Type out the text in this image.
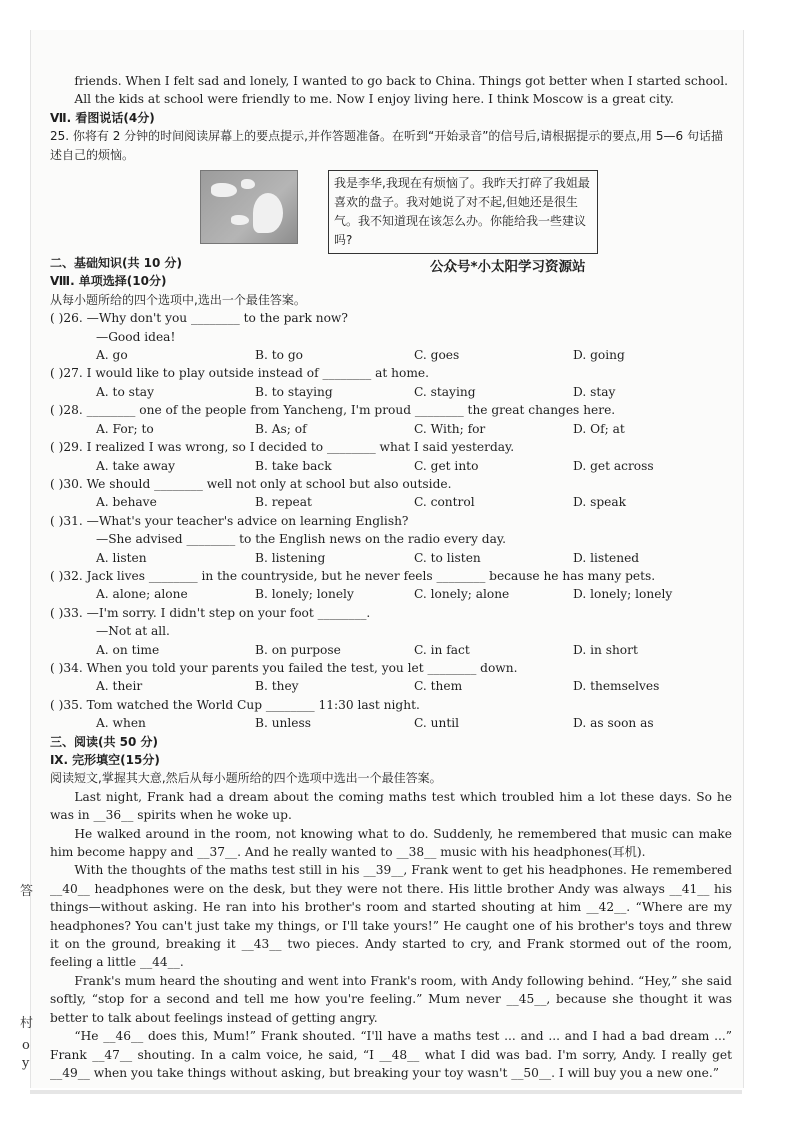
答
村
o
y

friends. When I felt sad and lonely, I wanted to go back to China. Things got better when I started school. All the kids at school were friendly to me. Now I enjoy living here. I think Moscow is a great city.

Ⅶ. 看图说话(4分)

25. 你将有 2 分钟的时间阅读屏幕上的要点提示,并作答题准备。在听到“开始录音”的信号后,请根据提示的要点,用 5—6 句话描述自己的烦恼。

我是李华,我现在有烦恼了。我昨天打碎了我姐最喜欢的盘子。我对她说了对不起,但她还是很生气。我不知道现在该怎么办。你能给我一些建议吗?
二、基础知识(共 10 分)	公众号*小太阳学习资源站

Ⅷ. 单项选择(10分)

从每小题所给的四个选项中,选出一个最佳答案。

( )26. —Why don't you ________ to the park now?
—Good idea!
A. go	B. to go	C. goes	D. going
( )27. I would like to play outside instead of ________ at home.
A. to stay	B. to staying	C. staying	D. stay
( )28. ________ one of the people from Yancheng, I'm proud ________ the great changes here.
A. For; to	B. As; of	C. With; for	D. Of; at
( )29. I realized I was wrong, so I decided to ________ what I said yesterday.
A. take away	B. take back	C. get into	D. get across
( )30. We should ________ well not only at school but also outside.
A. behave	B. repeat	C. control	D. speak
( )31. —What's your teacher's advice on learning English?
—She advised ________ to the English news on the radio every day.
A. listen	B. listening	C. to listen	D. listened
( )32. Jack lives ________ in the countryside, but he never feels ________ because he has many pets.
A. alone; alone	B. lonely; lonely	C. lonely; alone	D. lonely; lonely
( )33. —I'm sorry. I didn't step on your foot ________.
—Not at all.
A. on time	B. on purpose	C. in fact	D. in short
( )34. When you told your parents you failed the test, you let ________ down.
A. their	B. they	C. them	D. themselves
( )35. Tom watched the World Cup ________ 11:30 last night.
A. when	B. unless	C. until	D. as soon as

三、阅读(共 50 分)

Ⅸ. 完形填空(15分)

阅读短文,掌握其大意,然后从每小题所给的四个选项中选出一个最佳答案。

Last night, Frank had a dream about the coming maths test which troubled him a lot these days. So he was in __36__ spirits when he woke up.

He walked around in the room, not knowing what to do. Suddenly, he remembered that music can make him become happy and __37__. And he really wanted to __38__ music with his headphones(耳机).

With the thoughts of the maths test still in his __39__, Frank went to get his headphones. He remembered __40__ headphones were on the desk, but they were not there. His little brother Andy was always __41__ his things—without asking. He ran into his brother's room and started shouting at him __42__. “Where are my headphones? You can't just take my things, or I'll take yours!” He caught one of his brother's toys and threw it on the ground, breaking it __43__ two pieces. Andy started to cry, and Frank stormed out of the room, feeling a little __44__.

Frank's mum heard the shouting and went into Frank's room, with Andy following behind. “Hey,” she said softly, “stop for a second and tell me how you're feeling.” Mum never __45__, because she thought it was better to talk about feelings instead of getting angry.

“He __46__ does this, Mum!” Frank shouted. “I'll have a maths test ... and ... and I had a bad dream ...” Frank __47__ shouting. In a calm voice, he said, “I __48__ what I did was bad. I'm sorry, Andy. I really get __49__ when you take things without asking, but breaking your toy wasn't __50__. I will buy you a new one.”
